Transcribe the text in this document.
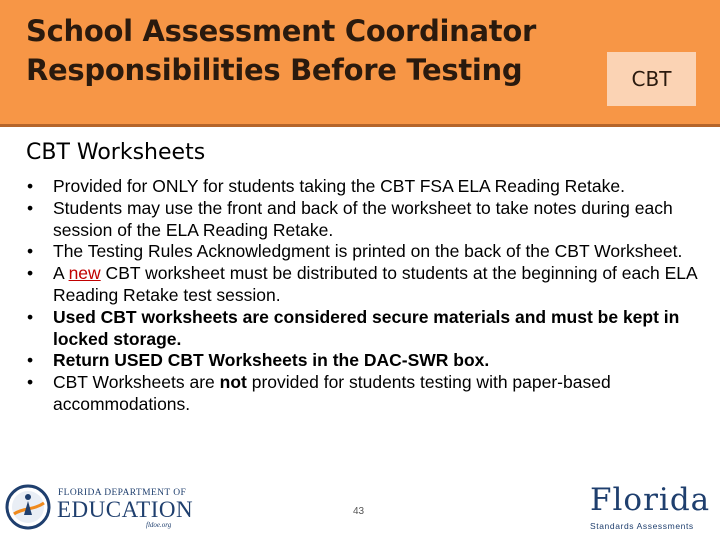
School Assessment Coordinator
Responsibilities Before Testing	CBT
CBT Worksheets
• Provided for ONLY for students taking the CBT FSA ELA Reading Retake.
• Students may use the front and back of the worksheet to take notes during each session of the ELA Reading Retake.
• The Testing Rules Acknowledgment is printed on the back of the CBT Worksheet.
• A new CBT worksheet must be distributed to students at the beginning of each ELA Reading Retake test session.
• Used CBT worksheets are considered secure materials and must be kept in locked storage.
• Return USED CBT Worksheets in the DAC-SWR box.
• CBT Worksheets are not provided for students testing with paper-based accommodations.
FLORIDA DEPARTMENT OF
EDUCATION
fldoe.org
43	Florida
Standards Assessments
